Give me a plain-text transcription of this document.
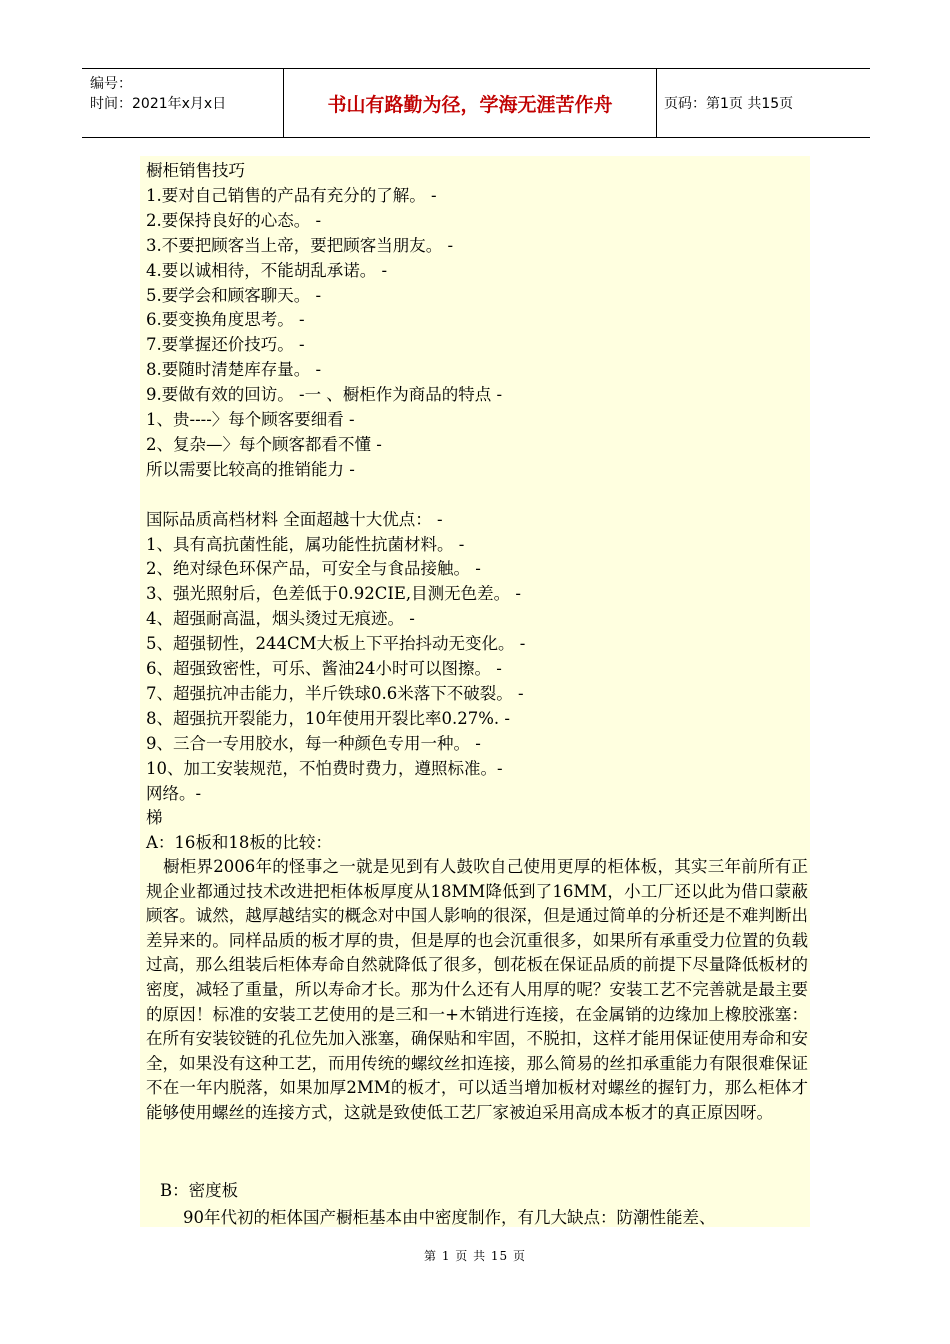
编号：
时间：2021年x月x日	书山有路勤为径，学海无涯苦作舟	页码：第1页 共15页
橱柜销售技巧
1.要对自己销售的产品有充分的了解。 -
2.要保持良好的心态。 -
3.不要把顾客当上帝，要把顾客当朋友。 -
4.要以诚相待，不能胡乱承诺。 -
5.要学会和顾客聊天。 -
6.要变换角度思考。 -
7.要掌握还价技巧。 -
8.要随时清楚库存量。 -
9.要做有效的回访。 -一 、橱柜作为商品的特点 -
1、贵----〉每个顾客要细看 -
2、复杂—〉每个顾客都看不懂 -
所以需要比较高的推销能力 -
国际品质高档材料 全面超越十大优点： -
1、具有高抗菌性能，属功能性抗菌材料。 -
2、绝对绿色环保产品，可安全与食品接触。 -
3、强光照射后，色差低于0.92CIE,目测无色差。 -
4、超强耐高温，烟头烫过无痕迹。 -
5、超强韧性，244CM大板上下平抬抖动无变化。 -
6、超强致密性，可乐、酱油24小时可以图擦。 -
7、超强抗冲击能力，半斤铁球0.6米落下不破裂。 -
8、超强抗开裂能力，10年使用开裂比率0.27%. -
9、三合一专用胶水，每一种颜色专用一种。 -
10、加工安装规范，不怕费时费力，遵照标准。-
网络。-
梯
A：16板和18板的比较：
橱柜界2006年的怪事之一就是见到有人鼓吹自己使用更厚的柜体板，其实三年前所有正规企业都通过技术改进把柜体板厚度从18MM降低到了16MM，小工厂还以此为借口蒙蔽顾客。诚然，越厚越结实的概念对中国人影响的很深，但是通过简单的分析还是不难判断出差异来的。同样品质的板才厚的贵，但是厚的也会沉重很多，如果所有承重受力位置的负载过高，那么组装后柜体寿命自然就降低了很多，刨花板在保证品质的前提下尽量降低板材的密度，减轻了重量，所以寿命才长。那为什么还有人用厚的呢？安装工艺不完善就是最主要的原因！标准的安装工艺使用的是三和一+木销进行连接，在金属销的边缘加上橡胶涨塞：在所有安装铰链的孔位先加入涨塞，确保贴和牢固，不脱扣，这样才能用保证使用寿命和安全，如果没有这种工艺，而用传统的螺纹丝扣连接，那么简易的丝扣承重能力有限很难保证不在一年内脱落，如果加厚2MM的板才，可以适当增加板材对螺丝的握钉力，那么柜体才能够使用螺丝的连接方式，这就是致使低工艺厂家被迫采用高成本板才的真正原因呀。
B：密度板
90年代初的柜体国产橱柜基本由中密度制作，有几大缺点：防潮性能差、
第 1 页 共 15 页
